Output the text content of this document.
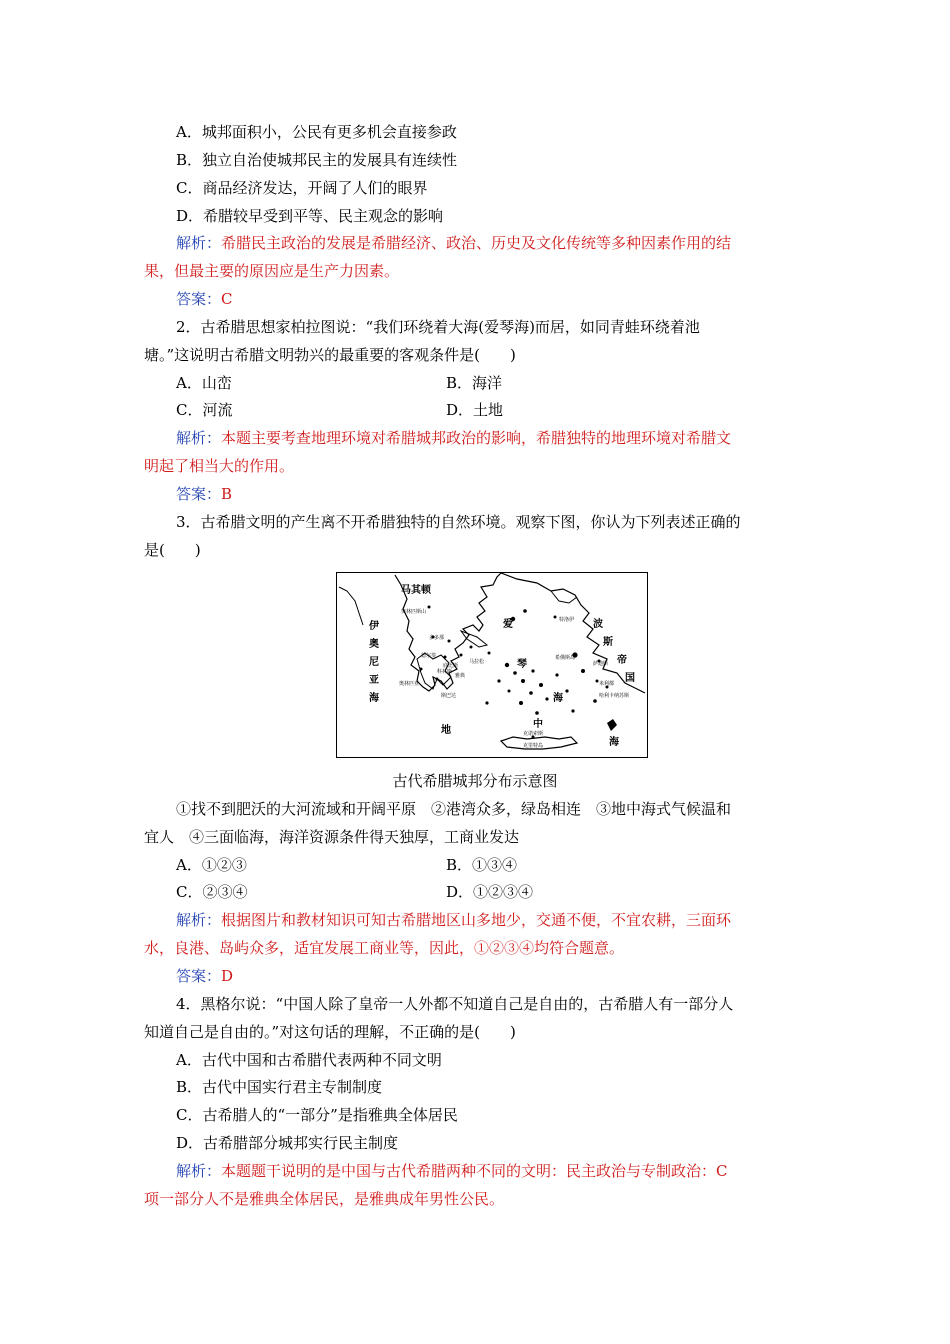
A．城邦面积小，公民有更多机会直接参政
B．独立自治使城邦民主的发展具有连续性
C．商品经济发达，开阔了人们的眼界
D．希腊较早受到平等、民主观念的影响
解析：希腊民主政治的发展是希腊经济、政治、历史及文化传统等多种因素作用的结
果，但最主要的原因应是生产力因素。
答案：C
2．古希腊思想家柏拉图说：“我们环绕着大海(爱琴海)而居，如同青蛙环绕着池
塘。”这说明古希腊文明勃兴的最重要的客观条件是(　　)
A．山峦	B．海洋
C．河流	D．土地
解析：本题主要考查地理环境对希腊城邦政治的影响，希腊独特的地理环境对希腊文
明起了相当大的作用。
答案：B
3．古希腊文明的产生离不开希腊独特的自然环境。观察下图，你认为下列表述正确的
是(　　)
马其顿
奥林匹斯山
伊
奥
尼
亚
海
爱
琴
海
波
斯
帝
国
地
中
海
特洛伊
萨迪斯
米利都
哈利卡纳苏斯
德尔斐
底比斯
马拉松
雅典
科林斯
奥林匹亚
斯巴达
多多那
希俄斯岛
克诺索斯
克里特岛
古代希腊城邦分布示意图
①找不到肥沃的大河流域和开阔平原　②港湾众多，绿岛相连　③地中海式气候温和
宜人　④三面临海，海洋资源条件得天独厚，工商业发达
A．①②③	B．①③④
C．②③④	D．①②③④
解析：根据图片和教材知识可知古希腊地区山多地少，交通不便，不宜农耕，三面环
水，良港、岛屿众多，适宜发展工商业等，因此，①②③④均符合题意。
答案：D
4．黑格尔说：“中国人除了皇帝一人外都不知道自己是自由的，古希腊人有一部分人
知道自己是自由的。”对这句话的理解，不正确的是(　　)
A．古代中国和古希腊代表两种不同文明
B．古代中国实行君主专制制度
C．古希腊人的“一部分”是指雅典全体居民
D．古希腊部分城邦实行民主制度
解析：本题题干说明的是中国与古代希腊两种不同的文明：民主政治与专制政治：C
项一部分人不是雅典全体居民，是雅典成年男性公民。
